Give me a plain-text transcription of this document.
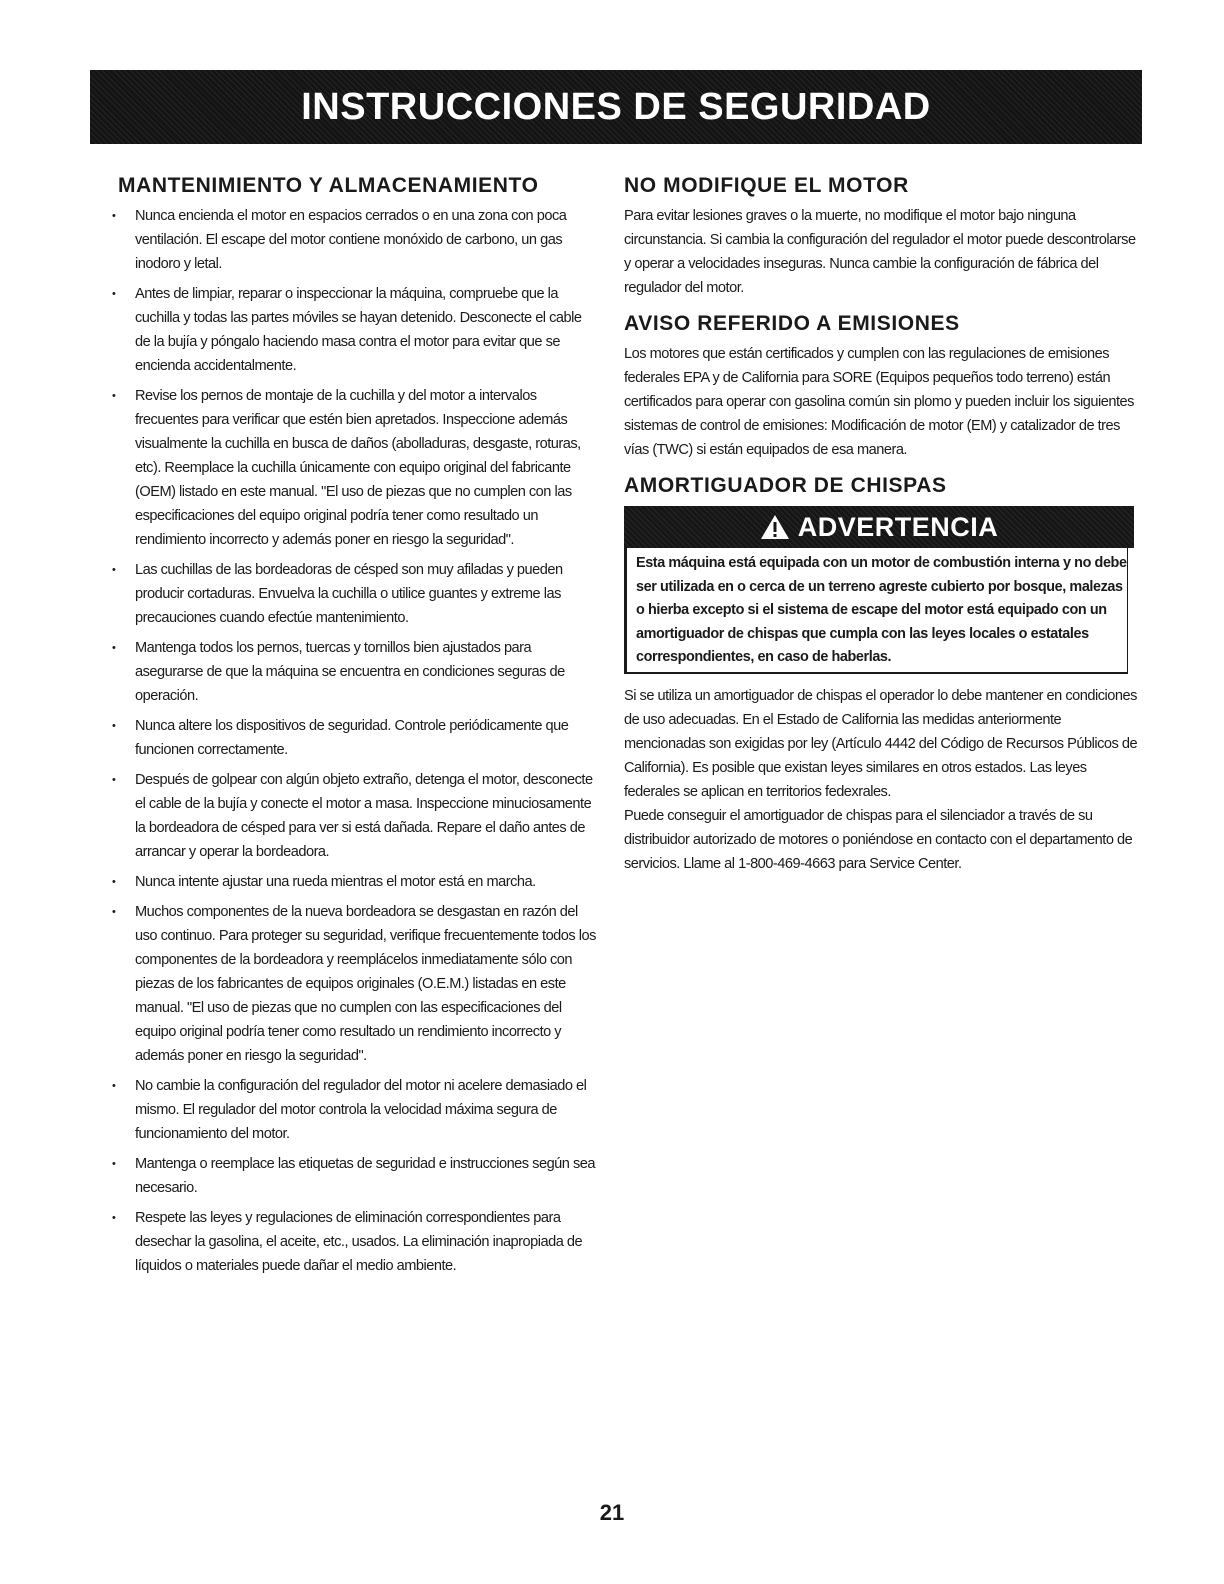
INSTRUCCIONES DE SEGURIDAD
MANTENIMIENTO Y ALMACENAMIENTO
• Nunca encienda el motor en espacios cerrados o en una zona con poca ventilación. El escape del motor contiene monóxido de carbono, un gas inodoro y letal.
• Antes de limpiar, reparar o inspeccionar la máquina, compruebe que la cuchilla y todas las partes móviles se hayan detenido. Desconecte el cable de la bujía y póngalo haciendo masa contra el motor para evitar que se encienda accidentalmente.
• Revise los pernos de montaje de la cuchilla y del motor a intervalos frecuentes para verificar que estén bien apretados. Inspeccione además visualmente la cuchilla en busca de daños (abolladuras, desgaste, roturas, etc). Reemplace la cuchilla únicamente con equipo original del fabricante (OEM) listado en este manual. "El uso de piezas que no cumplen con las especificaciones del equipo original podría tener como resultado un rendimiento incorrecto y además poner en riesgo la seguridad".
• Las cuchillas de las bordeadoras de césped son muy afiladas y pueden producir cortaduras. Envuelva la cuchilla o utilice guantes y extreme las precauciones cuando efectúe mantenimiento.
• Mantenga todos los pernos, tuercas y tornillos bien ajustados para asegurarse de que la máquina se encuentra en condiciones seguras de operación.
• Nunca altere los dispositivos de seguridad. Controle periódicamente que funcionen correctamente.
• Después de golpear con algún objeto extraño, detenga el motor, desconecte el cable de la bujía y conecte el motor a masa. Inspeccione minuciosamente la bordeadora de césped para ver si está dañada. Repare el daño antes de arrancar y operar la bordeadora.
• Nunca intente ajustar una rueda mientras el motor está en marcha.
• Muchos componentes de la nueva bordeadora se desgastan en razón del uso continuo. Para proteger su seguridad, verifique frecuentemente todos los componentes de la bordeadora y reemplácelos inmediatamente sólo con piezas de los fabricantes de equipos originales (O.E.M.) listadas en este manual. "El uso de piezas que no cumplen con las especificaciones del equipo original podría tener como resultado un rendimiento incorrecto y además poner en riesgo la seguridad".
• No cambie la configuración del regulador del motor ni acelere demasiado el mismo. El regulador del motor controla la velocidad máxima segura de funcionamiento del motor.
• Mantenga o reemplace las etiquetas de seguridad e instrucciones según sea necesario.
• Respete las leyes y regulaciones de eliminación correspondientes para desechar la gasolina, el aceite, etc., usados. La eliminación inapropiada de líquidos o materiales puede dañar el medio ambiente.
NO MODIFIQUE EL MOTOR

Para evitar lesiones graves o la muerte, no modifique el motor bajo ninguna circunstancia. Si cambia la configuración del regulador el motor puede descontrolarse y operar a velocidades inseguras. Nunca cambie la configuración de fábrica del regulador del motor.

AVISO REFERIDO A EMISIONES

Los motores que están certificados y cumplen con las regulaciones de emisiones federales EPA y de California para SORE (Equipos pequeños todo terreno) están certificados para operar con gasolina común sin plomo y pueden incluir los siguientes sistemas de control de emisiones: Modificación de motor (EM) y catalizador de tres vías (TWC) si están equipados de esa manera.

AMORTIGUADOR DE CHISPAS
ADVERTENCIA
Esta máquina está equipada con un motor de combustión interna y no debe ser utilizada en o cerca de un terreno agreste cubierto por bosque, malezas o hierba excepto si el sistema de escape del motor está equipado con un amortiguador de chispas que cumpla con las leyes locales o estatales correspondientes, en caso de haberlas.

Si se utiliza un amortiguador de chispas el operador lo debe mantener en condiciones de uso adecuadas. En el Estado de California las medidas anteriormente mencionadas son exigidas por ley (Artículo 4442 del Código de Recursos Públicos de California). Es posible que existan leyes similares en otros estados. Las leyes federales se aplican en territorios fedexrales.

Puede conseguir el amortiguador de chispas para el silenciador a través de su distribuidor autorizado de motores o poniéndose en contacto con el departamento de servicios. Llame al 1-800-469-4663 para Service Center.

21
